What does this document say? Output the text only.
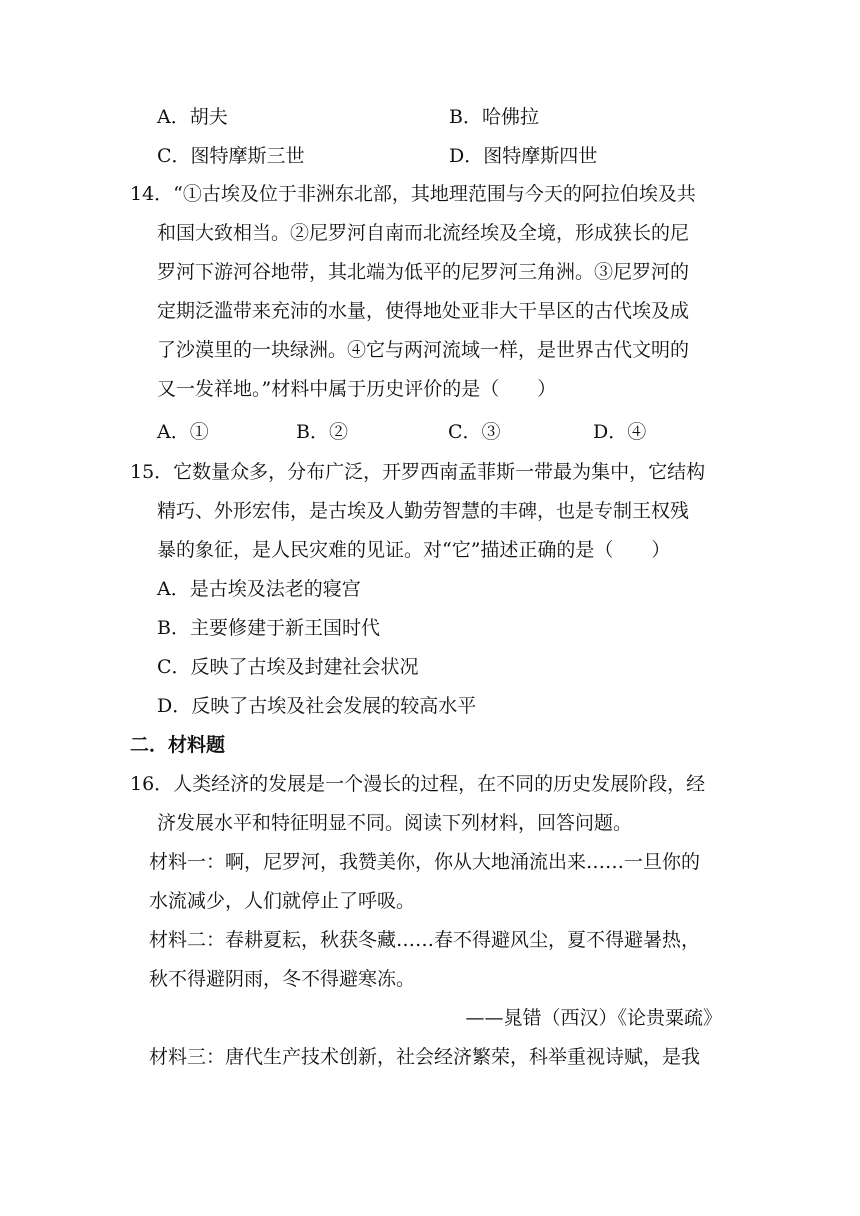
A．胡夫	B．哈佛拉
C．图特摩斯三世	D．图特摩斯四世
14．“①古埃及位于非洲东北部，其地理范围与今天的阿拉伯埃及共
和国大致相当。②尼罗河自南而北流经埃及全境，形成狭长的尼
罗河下游河谷地带，其北端为低平的尼罗河三角洲。③尼罗河的
定期泛滥带来充沛的水量，使得地处亚非大干旱区的古代埃及成
了沙漠里的一块绿洲。④它与两河流域一样，是世界古代文明的
又一发祥地。”材料中属于历史评价的是（　　）
A．①	B．②	C．③	D．④
15．它数量众多，分布广泛，开罗西南孟菲斯一带最为集中，它结构
精巧、外形宏伟，是古埃及人勤劳智慧的丰碑，也是专制王权残
暴的象征，是人民灾难的见证。对“它”描述正确的是（　　）
A．是古埃及法老的寝宫
B．主要修建于新王国时代
C．反映了古埃及封建社会状况
D．反映了古埃及社会发展的较高水平
二．材料题
16．人类经济的发展是一个漫长的过程，在不同的历史发展阶段，经
济发展水平和特征明显不同。阅读下列材料，回答问题。
材料一：啊，尼罗河，我赞美你，你从大地涌流出来……一旦你的
水流减少，人们就停止了呼吸。
材料二：春耕夏耘，秋获冬藏……春不得避风尘，夏不得避暑热，
秋不得避阴雨，冬不得避寒冻。
——晁错（西汉）《论贵粟疏》
材料三：唐代生产技术创新，社会经济繁荣，科举重视诗赋，是我
